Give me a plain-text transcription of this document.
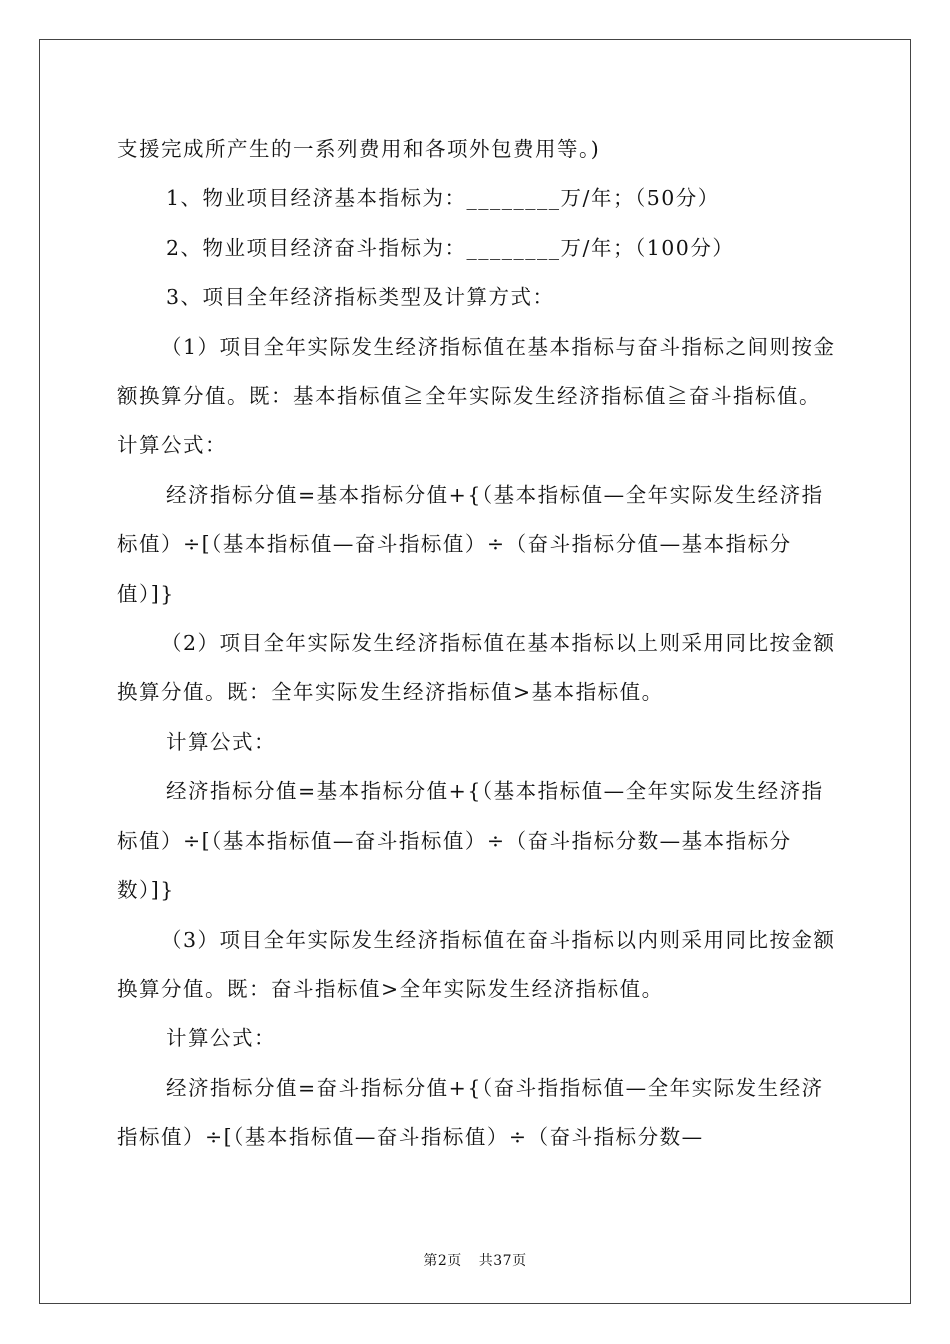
支援完成所产生的一系列费用和各项外包费用等。)

1、物业项目经济基本指标为：________万/年；（50分）

2、物业项目经济奋斗指标为：________万/年；（100分）

3、项目全年经济指标类型及计算方式：

（1）项目全年实际发生经济指标值在基本指标与奋斗指标之间则按金额换算分值。既：基本指标值≧全年实际发生经济指标值≧奋斗指标值。计算公式：

经济指标分值=基本指标分值+{（基本指标值—全年实际发生经济指标值）÷[（基本指标值—奋斗指标值）÷（奋斗指标分值—基本指标分值）]}

（2）项目全年实际发生经济指标值在基本指标以上则采用同比按金额换算分值。既：全年实际发生经济指标值>基本指标值。

计算公式：

经济指标分值=基本指标分值+{（基本指标值—全年实际发生经济指标值）÷[（基本指标值—奋斗指标值）÷（奋斗指标分数—基本指标分数）]}

（3）项目全年实际发生经济指标值在奋斗指标以内则采用同比按金额换算分值。既：奋斗指标值>全年实际发生经济指标值。

计算公式：

经济指标分值=奋斗指标分值+{（奋斗指指标值—全年实际发生经济指标值）÷[（基本指标值—奋斗指标值）÷（奋斗指标分数—

第2页 共37页
